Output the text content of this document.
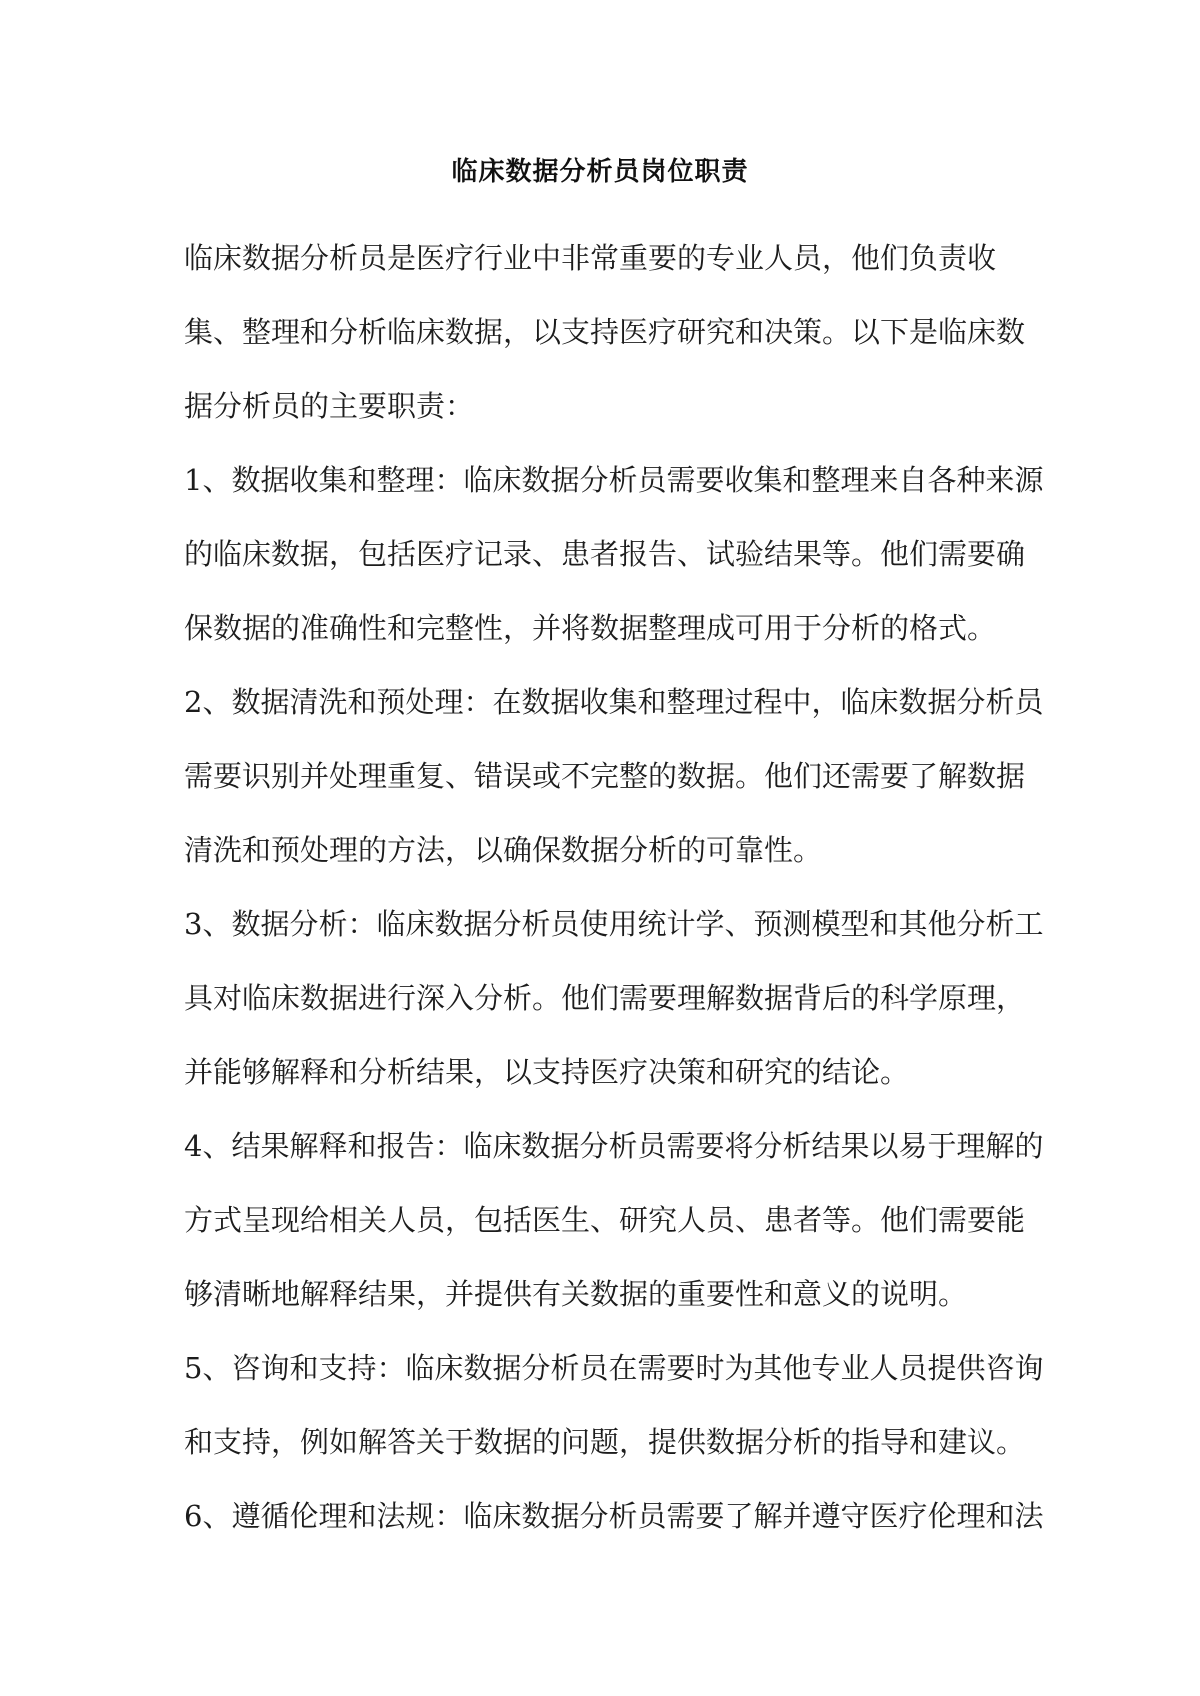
临床数据分析员岗位职责
临床数据分析员是医疗行业中非常重要的专业人员，他们负责收
集、整理和分析临床数据，以支持医疗研究和决策。以下是临床数
据分析员的主要职责：
1、数据收集和整理：临床数据分析员需要收集和整理来自各种来源
的临床数据，包括医疗记录、患者报告、试验结果等。他们需要确
保数据的准确性和完整性，并将数据整理成可用于分析的格式。
2、数据清洗和预处理：在数据收集和整理过程中，临床数据分析员
需要识别并处理重复、错误或不完整的数据。他们还需要了解数据
清洗和预处理的方法，以确保数据分析的可靠性。
3、数据分析：临床数据分析员使用统计学、预测模型和其他分析工
具对临床数据进行深入分析。他们需要理解数据背后的科学原理，
并能够解释和分析结果，以支持医疗决策和研究的结论。
4、结果解释和报告：临床数据分析员需要将分析结果以易于理解的
方式呈现给相关人员，包括医生、研究人员、患者等。他们需要能
够清晰地解释结果，并提供有关数据的重要性和意义的说明。
5、咨询和支持：临床数据分析员在需要时为其他专业人员提供咨询
和支持，例如解答关于数据的问题，提供数据分析的指导和建议。
6、遵循伦理和法规：临床数据分析员需要了解并遵守医疗伦理和法
